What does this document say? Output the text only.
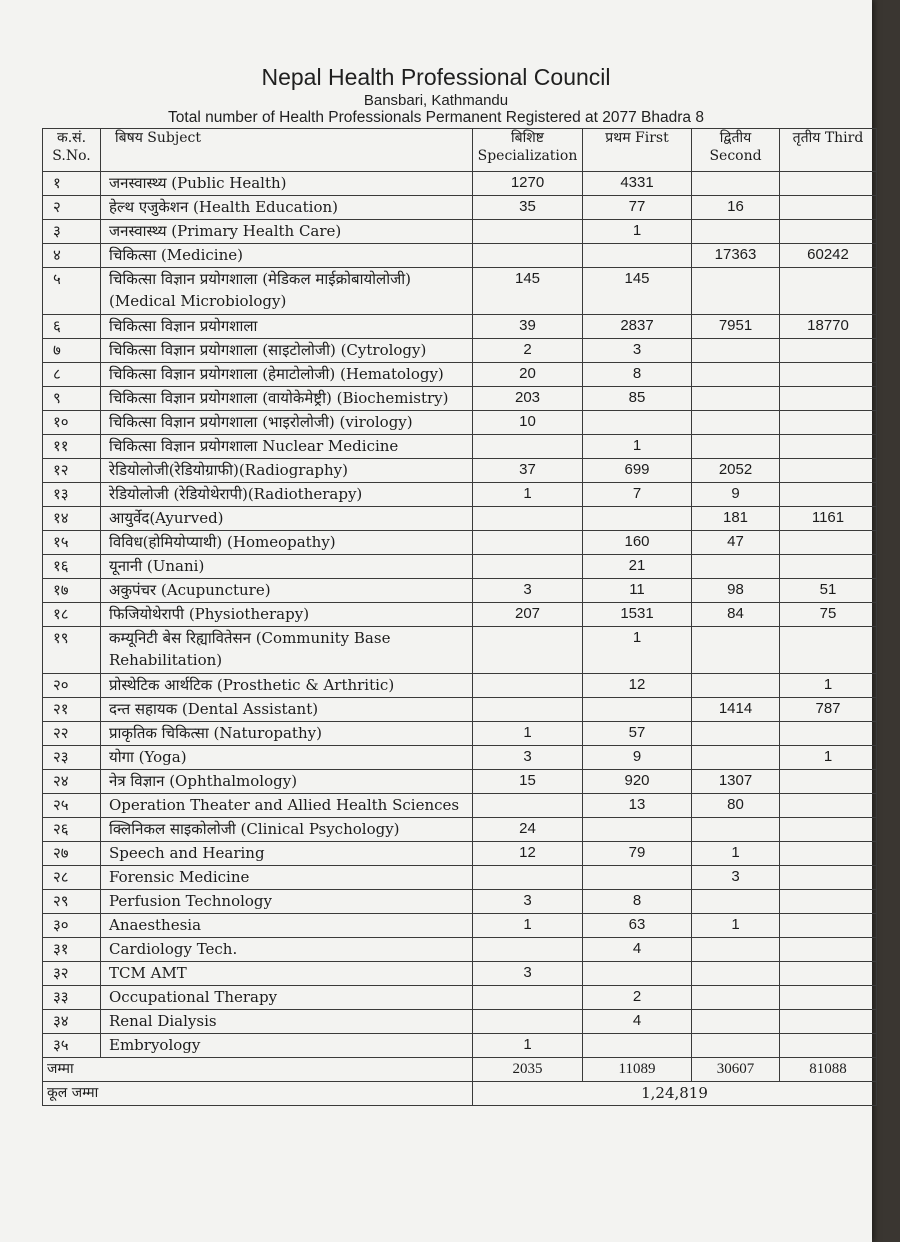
Nepal Health Professional Council
Bansbari, Kathmandu
Total number of Health Professionals Permanent Registered at 2077 Bhadra 8
क.सं. S.No.	बिषय Subject	बिशिष्ट Specialization	प्रथम First	द्वितीय Second	तृतीय Third
१	जनस्वास्थ्य (Public Health)	1270	4331		
२	हेल्थ एजुकेशन (Health Education)	35	77	16	
३	जनस्वास्थ्य (Primary Health Care)		1		
४	चिकित्सा (Medicine)			17363	60242
५	चिकित्सा विज्ञान प्रयोगशाला (मेडिकल माईक्रोबायोलोजी)(Medical Microbiology)	145	145		
६	चिकित्सा विज्ञान प्रयोगशाला	39	2837	7951	18770
७	चिकित्सा विज्ञान प्रयोगशाला (साइटोलोजी) (Cytrology)	2	3		
८	चिकित्सा विज्ञान प्रयोगशाला (हेमाटोलोजी) (Hematology)	20	8		
९	चिकित्सा विज्ञान प्रयोगशाला (वायोकेमेष्ट्री) (Biochemistry)	203	85		
१०	चिकित्सा विज्ञान प्रयोगशाला (भाइरोलोजी) (virology)	10			
११	चिकित्सा विज्ञान प्रयोगशाला Nuclear Medicine		1		
१२	रेडियोलोजी(रेडियोग्राफी)(Radiography)	37	699	2052	
१३	रेडियोलोजी (रेडियोथेरापी)(Radiotherapy)	1	7	9	
१४	आयुर्वेद(Ayurved)			181	1161
१५	विविध(होमियोप्याथी) (Homeopathy)		160	47	
१६	यूनानी (Unani)		21		
१७	अकुपंचर (Acupuncture)	3	11	98	51
१८	फिजियोथेरापी (Physiotherapy)	207	1531	84	75
१९	कम्यूनिटी बेस रिह्यावितेसन (Community Base Rehabilitation)		1		
२०	प्रोस्थेटिक आर्थटिक (Prosthetic & Arthritic)		12		1
२१	दन्त सहायक (Dental Assistant)			1414	787
२२	प्राकृतिक चिकित्सा (Naturopathy)	1	57		
२३	योगा (Yoga)	3	9		1
२४	नेत्र विज्ञान (Ophthalmology)	15	920	1307	
२५	Operation Theater and Allied Health Sciences		13	80	
२६	क्लिनिकल साइकोलोजी (Clinical Psychology)	24			
२७	Speech and Hearing	12	79	1	
२८	Forensic Medicine			3	
२९	Perfusion Technology	3	8		
३०	Anaesthesia	1	63	1	
३१	Cardiology Tech.		4		
३२	TCM AMT	3			
३३	Occupational Therapy		2		
३४	Renal Dialysis		4		
३५	Embryology	1			
जम्मा		2035	11089	30607	81088
कूल जम्मा		1,24,819			
